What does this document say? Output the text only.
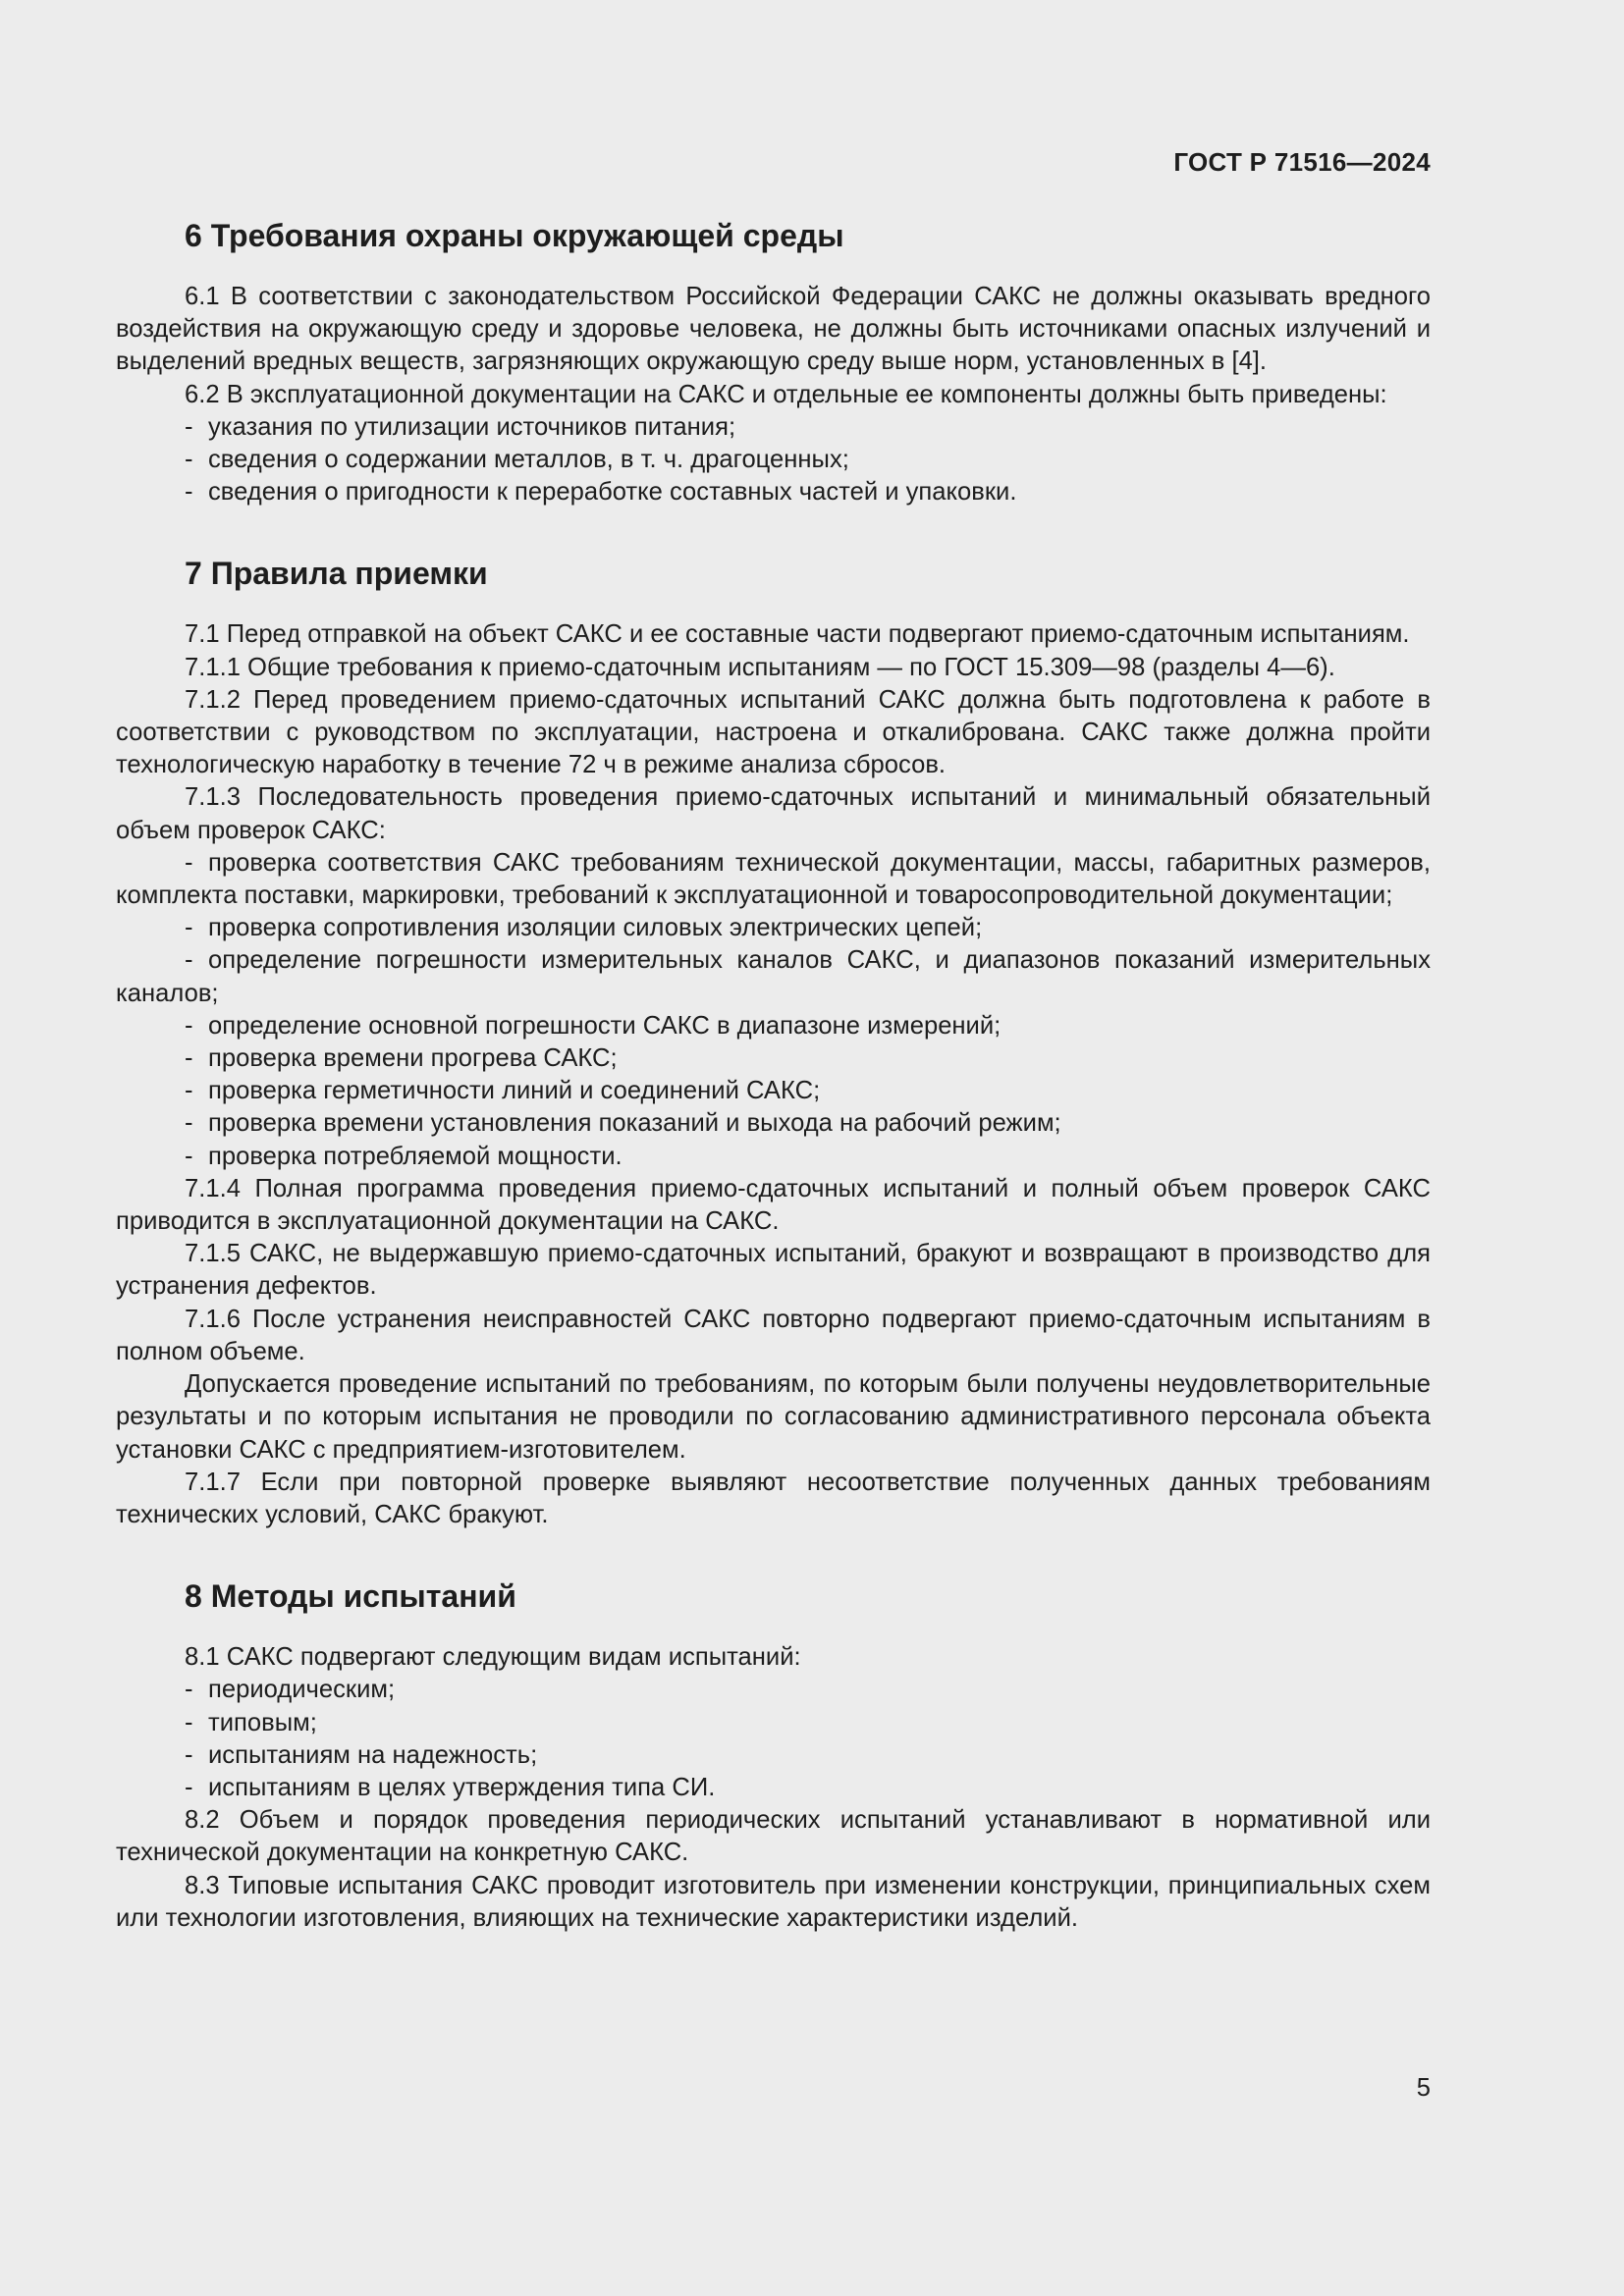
ГОСТ Р 71516—2024
6 Требования охраны окружающей среды
6.1 В соответствии с законодательством Российской Федерации САКС не должны оказывать вредного воздействия на окружающую среду и здоровье человека, не должны быть источниками опасных излучений и выделений вредных веществ, загрязняющих окружающую среду выше норм, установленных в [4].
6.2 В эксплуатационной документации на САКС и отдельные ее компоненты должны быть приведены:
- указания по утилизации источников питания;
- сведения о содержании металлов, в т. ч. драгоценных;
- сведения о пригодности к переработке составных частей и упаковки.
7 Правила приемки
7.1 Перед отправкой на объект САКС и ее составные части подвергают приемо-сдаточным испытаниям.
7.1.1 Общие требования к приемо-сдаточным испытаниям — по ГОСТ 15.309—98 (разделы 4—6).
7.1.2 Перед проведением приемо-сдаточных испытаний САКС должна быть подготовлена к работе в соответствии с руководством по эксплуатации, настроена и откалибрована. САКС также должна пройти технологическую наработку в течение 72 ч в режиме анализа сбросов.
7.1.3 Последовательность проведения приемо-сдаточных испытаний и минимальный обязательный объем проверок САКС:
- проверка соответствия САКС требованиям технической документации, массы, габаритных размеров, комплекта поставки, маркировки, требований к эксплуатационной и товаросопроводительной документации;
- проверка сопротивления изоляции силовых электрических цепей;
- определение погрешности измерительных каналов САКС, и диапазонов показаний измерительных каналов;
- определение основной погрешности САКС в диапазоне измерений;
- проверка времени прогрева САКС;
- проверка герметичности линий и соединений САКС;
- проверка времени установления показаний и выхода на рабочий режим;
- проверка потребляемой мощности.
7.1.4 Полная программа проведения приемо-сдаточных испытаний и полный объем проверок САКС приводится в эксплуатационной документации на САКС.
7.1.5 САКС, не выдержавшую приемо-сдаточных испытаний, бракуют и возвращают в производство для устранения дефектов.
7.1.6 После устранения неисправностей САКС повторно подвергают приемо-сдаточным испытаниям в полном объеме.
Допускается проведение испытаний по требованиям, по которым были получены неудовлетворительные результаты и по которым испытания не проводили по согласованию административного персонала объекта установки САКС с предприятием-изготовителем.
7.1.7 Если при повторной проверке выявляют несоответствие полученных данных требованиям технических условий, САКС бракуют.
8 Методы испытаний
8.1 САКС подвергают следующим видам испытаний:
- периодическим;
- типовым;
- испытаниям на надежность;
- испытаниям в целях утверждения типа СИ.
8.2 Объем и порядок проведения периодических испытаний устанавливают в нормативной или технической документации на конкретную САКС.
8.3 Типовые испытания САКС проводит изготовитель при изменении конструкции, принципиальных схем или технологии изготовления, влияющих на технические характеристики изделий.
5
